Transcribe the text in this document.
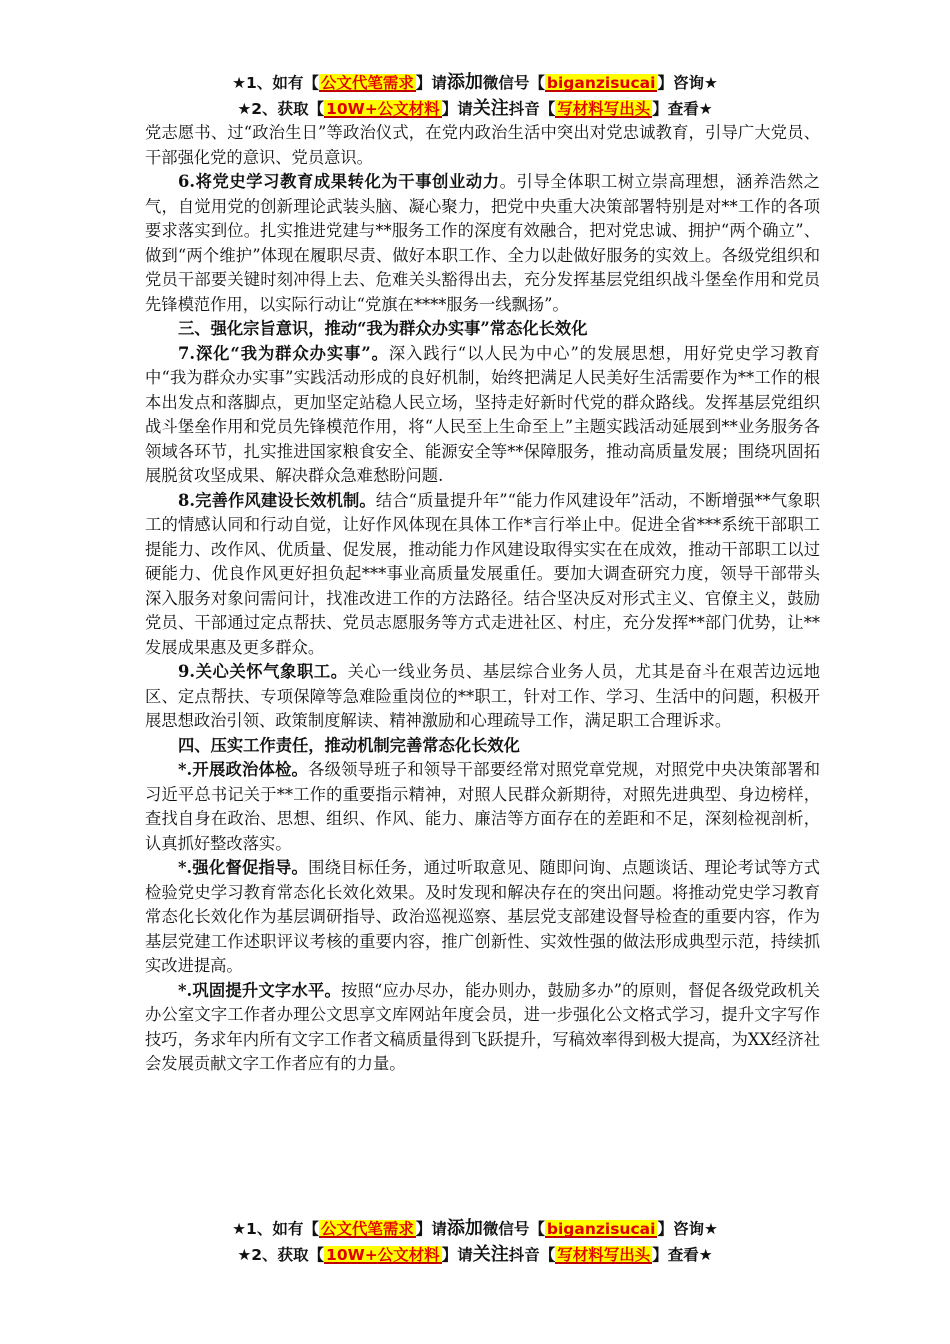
★1、如有【 公文代笔需求 】请添加微信号【 biganzisucai 】咨询★
★2、获取【 10W+公文材料 】请关注抖音【 写材料写出头 】查看★

党志愿书、过“政治生日”等政治仪式，在党内政治生活中突出对党忠诚教育，引导广大党员、干部强化党的意识、党员意识。

6.将党史学习教育成果转化为干事创业动力。引导全体职工树立崇高理想，涵养浩然之气，自觉用党的创新理论武装头脑、凝心聚力，把党中央重大决策部署特别是对**工作的各项要求落实到位。扎实推进党建与**服务工作的深度有效融合，把对党忠诚、拥护“两个确立”、做到“两个维护”体现在履职尽责、做好本职工作、全力以赴做好服务的实效上。各级党组织和党员干部要关键时刻冲得上去、危难关头豁得出去，充分发挥基层党组织战斗堡垒作用和党员先锋模范作用，以实际行动让“党旗在****服务一线飘扬”。

三、强化宗旨意识，推动“我为群众办实事”常态化长效化

7.深化“我为群众办实事”。深入践行“以人民为中心”的发展思想，用好党史学习教育中“我为群众办实事”实践活动形成的良好机制，始终把满足人民美好生活需要作为**工作的根本出发点和落脚点，更加坚定站稳人民立场，坚持走好新时代党的群众路线。发挥基层党组织战斗堡垒作用和党员先锋模范作用，将“人民至上生命至上”主题实践活动延展到**业务服务各领域各环节，扎实推进国家粮食安全、能源安全等**保障服务，推动高质量发展；围绕巩固拓展脱贫攻坚成果、解决群众急难愁盼问题.

8.完善作风建设长效机制。结合“质量提升年”“能力作风建设年”活动，不断增强**气象职工的情感认同和行动自觉，让好作风体现在具体工作*言行举止中。促进全省***系统干部职工提能力、改作风、优质量、促发展，推动能力作风建设取得实实在在成效，推动干部职工以过硬能力、优良作风更好担负起***事业高质量发展重任。要加大调查研究力度，领导干部带头深入服务对象问需问计，找准改进工作的方法路径。结合坚决反对形式主义、官僚主义，鼓励党员、干部通过定点帮扶、党员志愿服务等方式走进社区、村庄，充分发挥**部门优势，让**发展成果惠及更多群众。

9.关心关怀气象职工。关心一线业务员、基层综合业务人员，尤其是奋斗在艰苦边远地区、定点帮扶、专项保障等急难险重岗位的**职工，针对工作、学习、生活中的问题，积极开展思想政治引领、政策制度解读、精神激励和心理疏导工作，满足职工合理诉求。

四、压实工作责任，推动机制完善常态化长效化

*.开展政治体检。各级领导班子和领导干部要经常对照党章党规，对照党中央决策部署和习近平总书记关于**工作的重要指示精神，对照人民群众新期待，对照先进典型、身边榜样，查找自身在政治、思想、组织、作风、能力、廉洁等方面存在的差距和不足，深刻检视剖析，认真抓好整改落实。

*.强化督促指导。围绕目标任务，通过听取意见、随即问询、点题谈话、理论考试等方式检验党史学习教育常态化长效化效果。及时发现和解决存在的突出问题。将推动党史学习教育常态化长效化作为基层调研指导、政治巡视巡察、基层党支部建设督导检查的重要内容，作为基层党建工作述职评议考核的重要内容，推广创新性、实效性强的做法形成典型示范，持续抓实改进提高。

*.巩固提升文字水平。按照“应办尽办，能办则办，鼓励多办”的原则，督促各级党政机关办公室文字工作者办理公文思享文库网站年度会员，进一步强化公文格式学习，提升文字写作技巧，务求年内所有文字工作者文稿质量得到飞跃提升，写稿效率得到极大提高，为XX经济社会发展贡献文字工作者应有的力量。

★1、如有【 公文代笔需求 】请添加微信号【 biganzisucai 】咨询★
★2、获取【 10W+公文材料 】请关注抖音【 写材料写出头 】查看★
